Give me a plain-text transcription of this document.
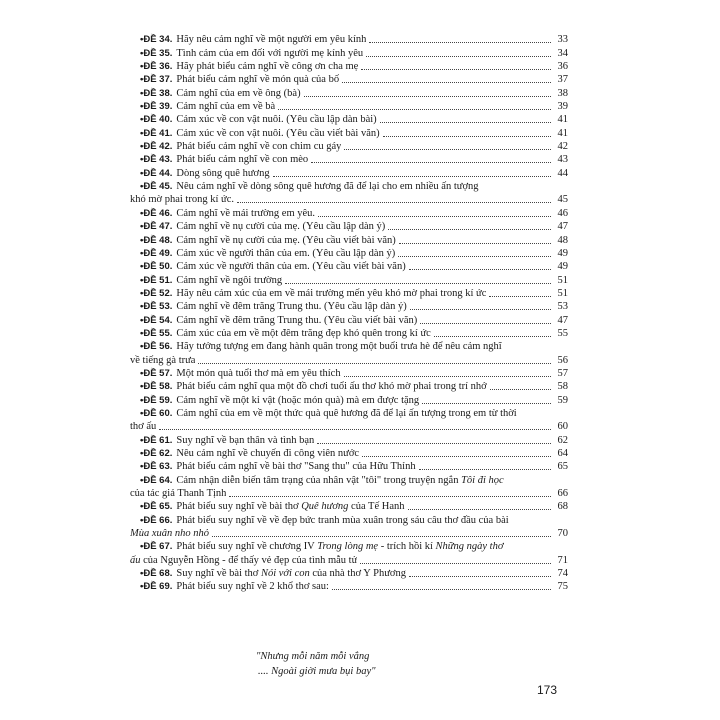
• ĐỀ 34. Hãy nêu cảm nghĩ về một người em yêu kính	33
• ĐỀ 35. Tình cảm của em đối với người mẹ kính yêu	34
• ĐỀ 36. Hãy phát biểu cảm nghĩ về công ơn cha mẹ	36
• ĐỀ 37. Phát biểu cảm nghĩ về món quà của bố	37
• ĐỀ 38. Cảm nghĩ của em về ông (bà)	38
• ĐỀ 39. Cảm nghĩ của em về bà	39
• ĐỀ 40. Cảm xúc về con vật nuôi. (Yêu cầu lập dàn bài)	41
• ĐỀ 41. Cảm xúc về con vật nuôi. (Yêu cầu viết bài văn)	41
• ĐỀ 42. Phát biểu cảm nghĩ về con chim cu gáy	42
• ĐỀ 43. Phát biểu cảm nghĩ về con mèo	43
• ĐỀ 44. Dòng sông quê hương	44
• ĐỀ 45. Nêu cảm nghĩ về dòng sông quê hương đã để lại cho em nhiều ấn tượng
khó mờ phai trong kí ức.	45
• ĐỀ 46. Cảm nghĩ về mái trường em yêu.	46
• ĐỀ 47. Cảm nghĩ về nụ cười của mẹ. (Yêu cầu lập dàn ý)	47
• ĐỀ 48. Cảm nghĩ về nụ cười của mẹ. (Yêu cầu viết bài văn)	48
• ĐỀ 49. Cảm xúc về người thân của em. (Yêu cầu lập dàn ý)	49
• ĐỀ 50. Cảm xúc về người thân của em. (Yêu cầu viết bài văn)	49
• ĐỀ 51. Cảm nghĩ về ngôi trường	51
• ĐỀ 52. Hãy nêu cảm xúc của em về mái trường mến yêu khó mờ phai trong kí ức	51
• ĐỀ 53. Cảm nghĩ về đêm trăng Trung thu. (Yêu cầu lập dàn ý)	53
• ĐỀ 54. Cảm nghĩ về đêm trăng Trung thu. (Yêu cầu viết bài văn)	47
• ĐỀ 55. Cảm xúc của em về một đêm trăng đẹp khó quên trong kí ức	55
• ĐỀ 56. Hãy tưởng tượng em đang hành quân trong một buổi trưa hè để nêu cảm nghĩ
về tiếng gà trưa	56
• ĐỀ 57. Một món quà tuổi thơ mà em yêu thích	57
• ĐỀ 58. Phát biểu cảm nghĩ qua một đồ chơi tuổi ấu thơ khó mờ phai trong trí nhớ	58
• ĐỀ 59. Cảm nghĩ về một kỉ vật (hoặc món quà) mà em được tặng	59
• ĐỀ 60. Cảm nghĩ của em về một thức quà quê hương đã để lại ấn tượng trong em từ thời
thơ ấu	60
• ĐỀ 61. Suy nghĩ về bạn thân và tình bạn	62
• ĐỀ 62. Nêu cảm nghĩ về chuyến đi công viên nước	64
• ĐỀ 63. Phát biểu cảm nghĩ về bài thơ "Sang thu" của Hữu Thỉnh	65
• ĐỀ 64. Cảm nhận diễn biến tâm trạng của nhân vật "tôi" trong truyện ngắn Tôi đi học
của tác giả Thanh Tịnh	66
• ĐỀ 65. Phát biểu suy nghĩ về bài thơ Quê hương của Tế Hanh	68
• ĐỀ 66. Phát biểu suy nghĩ về về đẹp bức tranh mùa xuân trong sáu câu thơ đầu của bài
Mùa xuân nho nhỏ	70
• ĐỀ 67. Phát biểu suy nghĩ về chương IV Trong lòng mẹ - trích hồi kí Những ngày thơ
ấu của Nguyễn Hồng - để thấy vẻ đẹp của tình mẫu tử	71
• ĐỀ 68. Suy nghĩ về bài thơ Nói với con của nhà thơ Y Phương	74
• ĐỀ 69. Phát biểu suy nghĩ về 2 khổ thơ sau:	75
"Nhưng mỗi năm mỗi vắng
.... Ngoài giời mưa bụi bay"
173
